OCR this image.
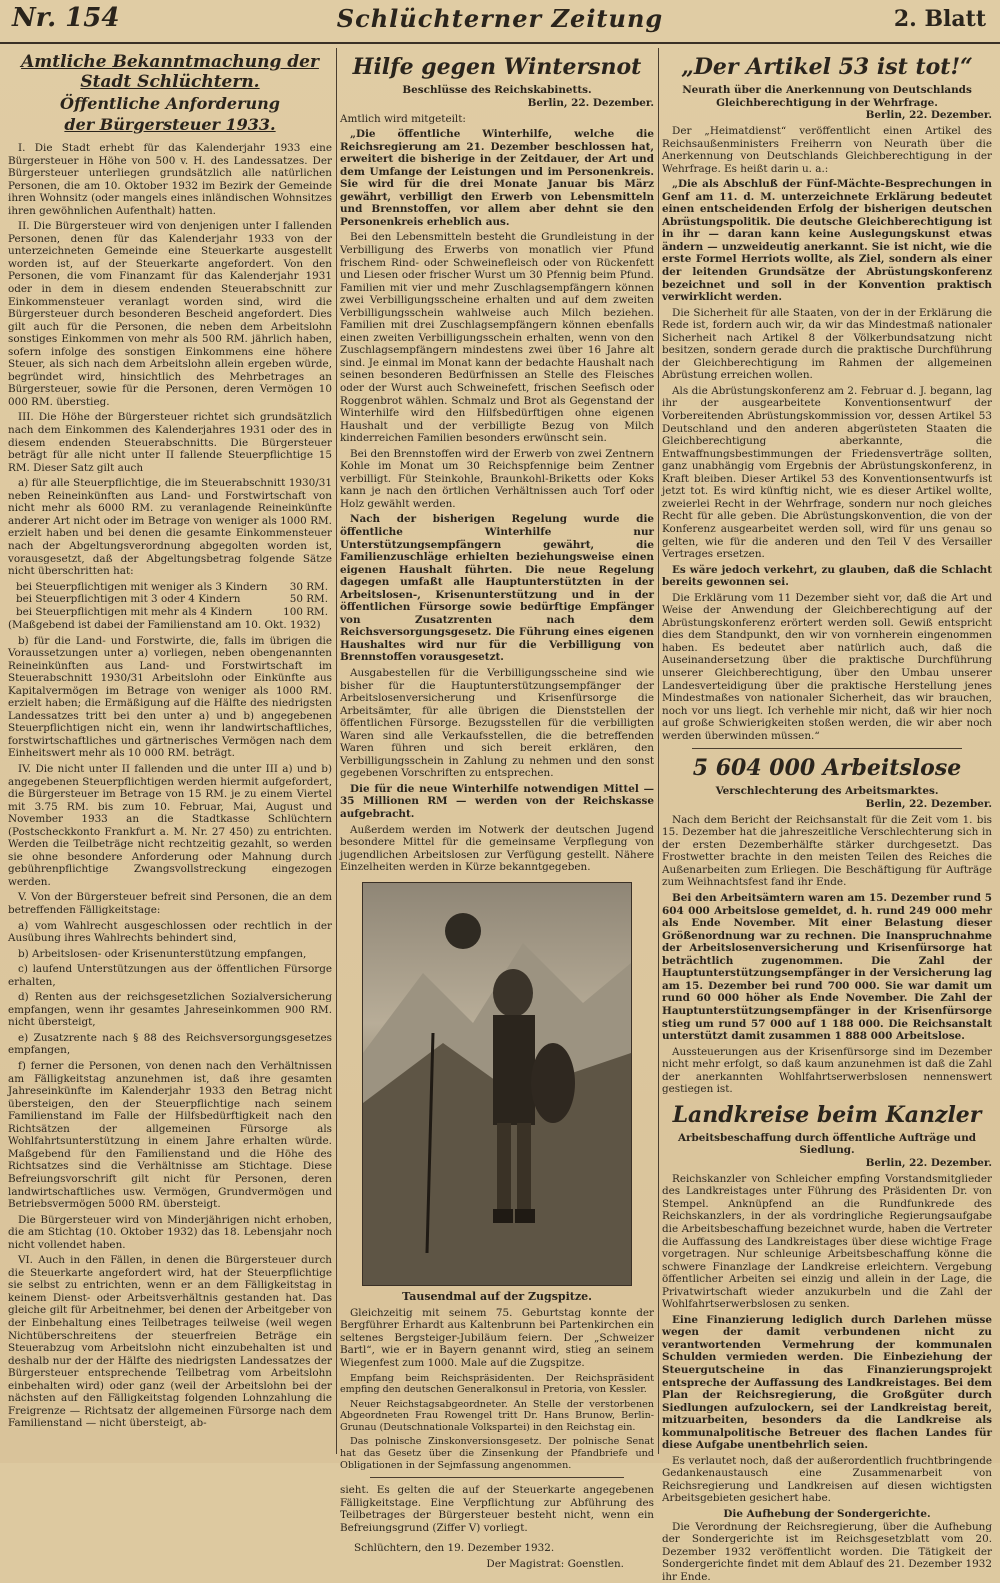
Nr. 154	Schlüchterner Zeitung	2. Blatt
Amtliche Bekanntmachung der Stadt Schlüchtern.
Öffentliche Anforderung
der Bürgersteuer 1933.

I. Die Stadt erhebt für das Kalenderjahr 1933 eine Bürgersteuer in Höhe von 500 v. H. des Landessatzes. Der Bürgersteuer unterliegen grundsätzlich alle natürlichen Personen, die am 10. Oktober 1932 im Bezirk der Gemeinde ihren Wohnsitz (oder mangels eines inländischen Wohnsitzes ihren gewöhnlichen Aufenthalt) hatten.

II. Die Bürgersteuer wird von denjenigen unter I fallenden Personen, denen für das Kalenderjahr 1933 von der unterzeichneten Gemeinde eine Steuerkarte ausgestellt worden ist, auf der Steuerkarte angefordert. Von den Personen, die vom Finanzamt für das Kalenderjahr 1931 oder in dem in diesem endenden Steuerabschnitt zur Einkommensteuer veranlagt worden sind, wird die Bürgersteuer durch besonderen Bescheid angefordert. Dies gilt auch für die Personen, die neben dem Arbeitslohn sonstiges Einkommen von mehr als 500 RM. jährlich haben, sofern infolge des sonstigen Einkommens eine höhere Steuer, als sich nach dem Arbeitslohn allein ergeben würde, begründet wird, hinsichtlich des Mehrbetrages an Bürgersteuer, sowie für die Personen, deren Vermögen 10 000 RM. überstieg.

III. Die Höhe der Bürgersteuer richtet sich grundsätzlich nach dem Einkommen des Kalenderjahres 1931 oder des in diesem endenden Steuerabschnitts. Die Bürgersteuer beträgt für alle nicht unter II fallende Steuerpflichtige 15 RM. Dieser Satz gilt auch

a) für alle Steuerpflichtige, die im Steuerabschnitt 1930/31 neben Reineinkünften aus Land- und Forstwirtschaft von nicht mehr als 6000 RM. zu veranlagende Reineinkünfte anderer Art nicht oder im Betrage von weniger als 1000 RM. erzielt haben und bei denen die gesamte Einkommensteuer nach der Abgeltungsverordnung abgegolten worden ist, vorausgesetzt, daß der Abgeltungsbetrag folgende Sätze nicht überschritten hat:

bei Steuerpflichtigen mit weniger als 3 Kindern 30 RM.
bei Steuerpflichtigen mit 3 oder 4 Kindern	50 RM.
bei Steuerpflichtigen mit mehr als 4 Kindern	100 RM.

(Maßgebend ist dabei der Familienstand am 10. Okt. 1932)

b) für die Land- und Forstwirte, die, falls im übrigen die Voraussetzungen unter a) vorliegen, neben obengenannten Reineinkünften aus Land- und Forstwirtschaft im Steuerabschnitt 1930/31 Arbeitslohn oder Einkünfte aus Kapitalvermögen im Betrage von weniger als 1000 RM. erzielt haben; die Ermäßigung auf die Hälfte des niedrigsten Landessatzes tritt bei den unter a) und b) angegebenen Steuerpflichtigen nicht ein, wenn ihr landwirtschaftliches, forstwirtschaftliches und gärtnerisches Vermögen nach dem Einheitswert mehr als 10 000 RM. beträgt.

IV. Die nicht unter II fallenden und die unter III a) und b) angegebenen Steuerpflichtigen werden hiermit aufgefordert, die Bürgersteuer im Betrage von 15 RM. je zu einem Viertel mit 3.75 RM. bis zum 10. Februar, Mai, August und November 1933 an die Stadtkasse Schlüchtern (Postscheckkonto Frankfurt a. M. Nr. 27 450) zu entrichten. Werden die Teilbeträge nicht rechtzeitig gezahlt, so werden sie ohne besondere Anforderung oder Mahnung durch gebührenpflichtige Zwangsvollstreckung eingezogen werden.

V. Von der Bürgersteuer befreit sind Personen, die an dem betreffenden Fälligkeitstage:

a) vom Wahlrecht ausgeschlossen oder rechtlich in der Ausübung ihres Wahlrechts behindert sind,

b) Arbeitslosen- oder Krisenunterstützung empfangen,

c) laufend Unterstützungen aus der öffentlichen Fürsorge erhalten,

d) Renten aus der reichsgesetzlichen Sozialversicherung empfangen, wenn ihr gesamtes Jahreseinkommen 900 RM. nicht übersteigt,

e) Zusatzrente nach § 88 des Reichsversorgungsgesetzes empfangen,

f) ferner die Personen, von denen nach den Verhältnissen am Fälligkeitstag anzunehmen ist, daß ihre gesamten Jahreseinkünfte im Kalenderjahr 1933 den Betrag nicht übersteigen, den der Steuerpflichtige nach seinem Familienstand im Falle der Hilfsbedürftigkeit nach den Richtsätzen der allgemeinen Fürsorge als Wohlfahrtsunterstützung in einem Jahre erhalten würde. Maßgebend für den Familienstand und die Höhe des Richtsatzes sind die Verhältnisse am Stichtage. Diese Befreiungsvorschrift gilt nicht für Personen, deren landwirtschaftliches usw. Vermögen, Grundvermögen und Betriebsvermögen 5000 RM. übersteigt.

Die Bürgersteuer wird von Minderjährigen nicht erhoben, die am Stichtag (10. Oktober 1932) das 18. Lebensjahr noch nicht vollendet haben.

VI. Auch in den Fällen, in denen die Bürgersteuer durch die Steuerkarte angefordert wird, hat der Steuerpflichtige sie selbst zu entrichten, wenn er an dem Fälligkeitstag in keinem Dienst- oder Arbeitsverhältnis gestanden hat. Das gleiche gilt für Arbeitnehmer, bei denen der Arbeitgeber von der Einbehaltung eines Teilbetrages teilweise (weil wegen Nichtüberschreitens der steuerfreien Beträge ein Steuerabzug vom Arbeitslohn nicht einzubehalten ist und deshalb nur der der Hälfte des niedrigsten Landessatzes der Bürgersteuer entsprechende Teilbetrag vom Arbeitslohn einbehalten wird) oder ganz (weil der Arbeitslohn bei der nächsten auf den Fälligkeitstag folgenden Lohnzahlung die Freigrenze — Richtsatz der allgemeinen Fürsorge nach dem Familienstand — nicht übersteigt, ab-

Hilfe gegen Wintersnot
Beschlüsse des Reichskabinetts.
Berlin, 22. Dezember.

Amtlich wird mitgeteilt:

„Die öffentliche Winterhilfe, welche die Reichsregierung am 21. Dezember beschlossen hat, erweitert die bisherige in der Zeitdauer, der Art und dem Umfange der Leistungen und im Personenkreis. Sie wird für die drei Monate Januar bis März gewährt, verbilligt den Erwerb von Lebensmitteln und Brennstoffen, vor allem aber dehnt sie den Personenkreis erheblich aus.

Bei den Lebensmitteln besteht die Grundleistung in der Verbilligung des Erwerbs von monatlich vier Pfund frischem Rind- oder Schweinefleisch oder von Rückenfett und Liesen oder frischer Wurst um 30 Pfennig beim Pfund. Familien mit vier und mehr Zuschlagsempfängern können zwei Verbilligungsscheine erhalten und auf dem zweiten Verbilligungsschein wahlweise auch Milch beziehen. Familien mit drei Zuschlagsempfängern können ebenfalls einen zweiten Verbilligungsschein erhalten, wenn von den Zuschlagsempfängern mindestens zwei über 16 Jahre alt sind. Je einmal im Monat kann der bedachte Haushalt nach seinen besonderen Bedürfnissen an Stelle des Fleisches oder der Wurst auch Schweinefett, frischen Seefisch oder Roggenbrot wählen. Schmalz und Brot als Gegenstand der Winterhilfe wird den Hilfsbedürftigen ohne eigenen Haushalt und der verbilligte Bezug von Milch kinderreichen Familien besonders erwünscht sein.

Bei den Brennstoffen wird der Erwerb von zwei Zentnern Kohle im Monat um 30 Reichspfennige beim Zentner verbilligt. Für Steinkohle, Braunkohl-Briketts oder Koks kann je nach den örtlichen Verhältnissen auch Torf oder Holz gewählt werden.

Nach der bisherigen Regelung wurde die öffentliche Winterhilfe nur Unterstützungsempfängern gewährt, die Familienzuschläge erhielten beziehungsweise einen eigenen Haushalt führten. Die neue Regelung dagegen umfaßt alle Hauptunterstützten in der Arbeitslosen-, Krisenunterstützung und in der öffentlichen Fürsorge sowie bedürftige Empfänger von Zusatzrenten nach dem Reichsversorgungsgesetz. Die Führung eines eigenen Haushaltes wird nur für die Verbilligung von Brennstoffen vorausgesetzt.

Ausgabestellen für die Verbilligungsscheine sind wie bisher für die Hauptunterstützungsempfänger der Arbeitslosenversicherung und Krisenfürsorge die Arbeitsämter, für alle übrigen die Dienststellen der öffentlichen Fürsorge. Bezugsstellen für die verbilligten Waren sind alle Verkaufsstellen, die die betreffenden Waren führen und sich bereit erklären, den Verbilligungsschein in Zahlung zu nehmen und den sonst gegebenen Vorschriften zu entsprechen.

Die für die neue Winterhilfe notwendigen Mittel — 35 Millionen RM — werden von der Reichskasse aufgebracht.

Außerdem werden im Notwerk der deutschen Jugend besondere Mittel für die gemeinsame Verpflegung von jugendlichen Arbeitslosen zur Verfügung gestellt. Nähere Einzelheiten werden in Kürze bekanntgegeben.

Tausendmal auf der Zugspitze.

Gleichzeitig mit seinem 75. Geburtstag konnte der Bergführer Erhardt aus Kaltenbrunn bei Partenkirchen ein seltenes Bergsteiger-Jubiläum feiern. Der „Schweizer Bartl“, wie er in Bayern genannt wird, stieg an seinem Wiegenfest zum 1000. Male auf die Zugspitze.

Empfang beim Reichspräsidenten. Der Reichspräsident empfing den deutschen Generalkonsul in Pretoria, von Kessler.

Neuer Reichstagsabgeordneter. An Stelle der verstorbenen Abgeordneten Frau Rowengel tritt Dr. Hans Brunow, Berlin-Grunau (Deutschnationale Volkspartei) in den Reichstag ein.

Das polnische Zinskonversionsgesetz. Der polnische Senat hat das Gesetz über die Zinsenkung der Pfandbriefe und Obligationen in der Sejmfassung angenommen.

sieht. Es gelten die auf der Steuerkarte angegebenen Fälligkeitstage. Eine Verpflichtung zur Abführung des Teilbetrages der Bürgersteuer besteht nicht, wenn ein Befreiungsgrund (Ziffer V) vorliegt.

Schlüchtern, den 19. Dezember 1932.
Der Magistrat: Goenstlen.
„Der Artikel 53 ist tot!“
Neurath über die Anerkennung von Deutschlands Gleichberechtigung in der Wehrfrage.
Berlin, 22. Dezember.

Der „Heimatdienst“ veröffentlicht einen Artikel des Reichsaußenministers Freiherrn von Neurath über die Anerkennung von Deutschlands Gleichberechtigung in der Wehrfrage. Es heißt darin u. a.:

„Die als Abschluß der Fünf-Mächte-Besprechungen in Genf am 11. d. M. unterzeichnete Erklärung bedeutet einen entscheidenden Erfolg der bisherigen deutschen Abrüstungspolitik. Die deutsche Gleichberechtigung ist in ihr — daran kann keine Auslegungskunst etwas ändern — unzweideutig anerkannt. Sie ist nicht, wie die erste Formel Herriots wollte, als Ziel, sondern als einer der leitenden Grundsätze der Abrüstungskonferenz bezeichnet und soll in der Konvention praktisch verwirklicht werden.

Die Sicherheit für alle Staaten, von der in der Erklärung die Rede ist, fordern auch wir, da wir das Mindestmaß nationaler Sicherheit nach Artikel 8 der Völkerbundsatzung nicht besitzen, sondern gerade durch die praktische Durchführung der Gleichberechtigung im Rahmen der allgemeinen Abrüstung erreichen wollen.

Als die Abrüstungskonferenz am 2. Februar d. J. begann, lag ihr der ausgearbeitete Konventionsentwurf der Vorbereitenden Abrüstungskommission vor, dessen Artikel 53 Deutschland und den anderen abgerüsteten Staaten die Gleichberechtigung aberkannte, die Entwaffnungsbestimmungen der Friedensverträge sollten, ganz unabhängig vom Ergebnis der Abrüstungskonferenz, in Kraft bleiben. Dieser Artikel 53 des Konventionsentwurfs ist jetzt tot. Es wird künftig nicht, wie es dieser Artikel wollte, zweierlei Recht in der Wehrfrage, sondern nur noch gleiches Recht für alle geben. Die Abrüstungskonvention, die von der Konferenz ausgearbeitet werden soll, wird für uns genau so gelten, wie für die anderen und den Teil V des Versailler Vertrages ersetzen.

Es wäre jedoch verkehrt, zu glauben, daß die Schlacht bereits gewonnen sei.

Die Erklärung vom 11 Dezember sieht vor, daß die Art und Weise der Anwendung der Gleichberechtigung auf der Abrüstungskonferenz erörtert werden soll. Gewiß entspricht dies dem Standpunkt, den wir von vornherein eingenommen haben. Es bedeutet aber natürlich auch, daß die Auseinandersetzung über die praktische Durchführung unserer Gleichberechtigung, über den Umbau unserer Landesverteidigung über die praktische Herstellung jenes Mindestmaßes von nationaler Sicherheit, das wir brauchen, noch vor uns liegt. Ich verhehle mir nicht, daß wir hier noch auf große Schwierigkeiten stoßen werden, die wir aber noch werden überwinden müssen.“

5 604 000 Arbeitslose
Verschlechterung des Arbeitsmarktes.
Berlin, 22. Dezember.

Nach dem Bericht der Reichsanstalt für die Zeit vom 1. bis 15. Dezember hat die jahreszeitliche Verschlechterung sich in der ersten Dezemberhälfte stärker durchgesetzt. Das Frostwetter brachte in den meisten Teilen des Reiches die Außenarbeiten zum Erliegen. Die Beschäftigung für Aufträge zum Weihnachtsfest fand ihr Ende.

Bei den Arbeitsämtern waren am 15. Dezember rund 5 604 000 Arbeitslose gemeldet, d. h. rund 249 000 mehr als Ende November. Mit einer Belastung dieser Größenordnung war zu rechnen. Die Inanspruchnahme der Arbeitslosenversicherung und Krisenfürsorge hat beträchtlich zugenommen. Die Zahl der Hauptunterstützungsempfänger in der Versicherung lag am 15. Dezember bei rund 700 000. Sie war damit um rund 60 000 höher als Ende November. Die Zahl der Hauptunterstützungsempfänger in der Krisenfürsorge stieg um rund 57 000 auf 1 188 000. Die Reichsanstalt unterstützt damit zusammen 1 888 000 Arbeitslose.

Aussteuerungen aus der Krisenfürsorge sind im Dezember nicht mehr erfolgt, so daß kaum anzunehmen ist daß die Zahl der anerkannten Wohlfahrtserwerbslosen nennenswert gestiegen ist.

Landkreise beim Kanzler
Arbeitsbeschaffung durch öffentliche Aufträge und Siedlung.
Berlin, 22. Dezember.

Reichskanzler von Schleicher empfing Vorstandsmitglieder des Landkreistages unter Führung des Präsidenten Dr. von Stempel. Anknüpfend an die Rundfunkrede des Reichskanzlers, in der als vordringliche Regierungsaufgabe die Arbeitsbeschaffung bezeichnet wurde, haben die Vertreter die Auffassung des Landkreistages über diese wichtige Frage vorgetragen. Nur schleunige Arbeitsbeschaffung könne die schwere Finanzlage der Landkreise erleichtern. Vergebung öffentlicher Arbeiten sei einzig und allein in der Lage, die Privatwirtschaft wieder anzukurbeln und die Zahl der Wohlfahrtserwerbslosen zu senken.

Eine Finanzierung lediglich durch Darlehen müsse wegen der damit verbundenen nicht zu verantwortenden Vermehrung der kommunalen Schulden vermieden werden. Die Einbeziehung der Steuergutscheine in das Finanzierungsprojekt entspreche der Auffassung des Landkreistages. Bei dem Plan der Reichsregierung, die Großgüter durch Siedlungen aufzulockern, sei der Landkreistag bereit, mitzuarbeiten, besonders da die Landkreise als kommunalpolitische Betreuer des flachen Landes für diese Aufgabe unentbehrlich seien.

Es verlautet noch, daß der außerordentlich fruchtbringende Gedankenaustausch eine Zusammenarbeit von Reichsregierung und Landkreisen auf diesen wichtigsten Arbeitsgebieten gesichert habe.

Die Aufhebung der Sondergerichte.

Die Verordnung der Reichsregierung, über die Aufhebung der Sondergerichte ist im Reichsgesetzblatt vom 20. Dezember 1932 veröffentlicht worden. Die Tätigkeit der Sondergerichte findet mit dem Ablauf des 21. Dezember 1932 ihr Ende.
